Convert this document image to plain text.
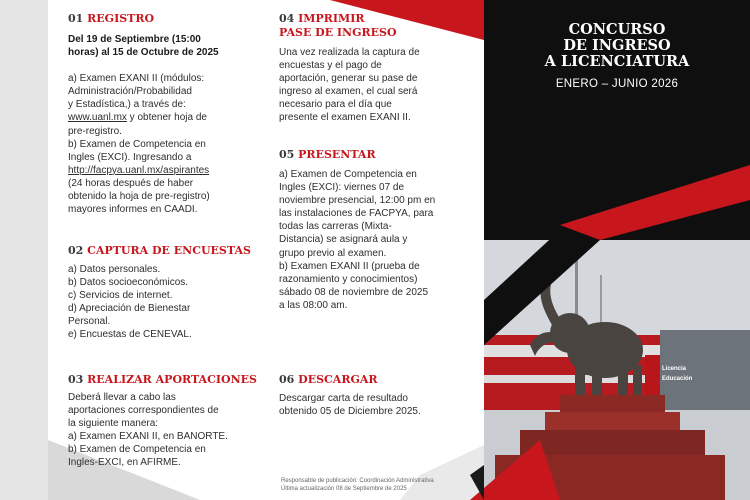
Licencia
Educación
CONCURSO
DE INGRESO
A LICENCIATURA
ENERO – JUNIO 2026
01 REGISTRO
Del 19 de Septiembre (15:00
horas) al 15 de Octubre de 2025
a) Examen EXANI II (módulos:
Administración/Probabilidad
y Estadística,) a través de:
www.uanl.mx y obtener hoja de
pre-registro.
b) Examen de Competencia en
Ingles (EXCI). Ingresando a
http://facpya.uanl.mx/aspirantes
(24 horas después de haber
obtenido la hoja de pre-registro)
mayores informes en CAADI.
02 CAPTURA DE ENCUESTAS
a) Datos personales.
b) Datos socioeconómicos.
c) Servicios de internet.
d) Apreciación de Bienestar
Personal.
e) Encuestas de CENEVAL.
03 REALIZAR APORTACIONES
Deberá llevar a cabo las
aportaciones correspondientes de
la siguiente manera:
a) Examen EXANI II, en BANORTE.
b) Examen de Competencia en
Ingles-EXCI, en AFIRME.
04 IMPRIMIR
PASE DE INGRESO
Una vez realizada la captura de
encuestas y el pago de
aportación, generar su pase de
ingreso al examen, el cual será
necesario para el día que
presente el examen EXANI II.
05 PRESENTAR
a) Examen de Competencia en
Ingles (EXCI): viernes 07 de
noviembre presencial, 12:00 pm en
las instalaciones de FACPYA, para
todas las carreras (Mixta-
Distancia) se asignará aula y
grupo previo al examen.
b) Examen EXANI II (prueba de
razonamiento y conocimientos)
sábado 08 de noviembre de 2025
a las 08:00 am.
06 DESCARGAR
Descargar carta de resultado
obtenido 05 de Diciembre 2025.
Responsable de publicación: Coordinación Administrativa
Última actualización 08 de Septiembre de 2025
